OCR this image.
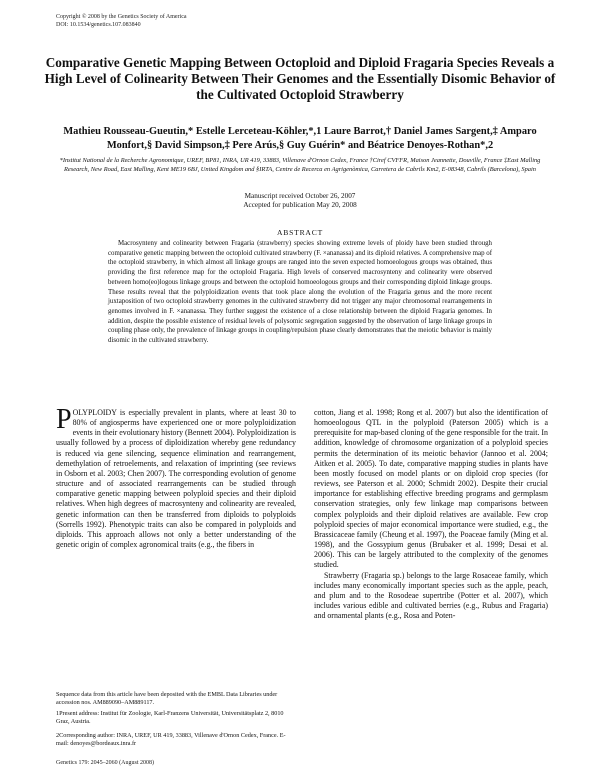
Copyright © 2008 by the Genetics Society of America
DOI: 10.1534/genetics.107.083840
Comparative Genetic Mapping Between Octoploid and Diploid Fragaria Species Reveals a High Level of Colinearity Between Their Genomes and the Essentially Disomic Behavior of the Cultivated Octoploid Strawberry
Mathieu Rousseau-Gueutin,* Estelle Lerceteau-Köhler,*,1 Laure Barrot,† Daniel James Sargent,‡ Amparo Monfort,§ David Simpson,‡ Pere Arús,§ Guy Guérin* and Béatrice Denoyes-Rothan*,2
*Institut National de la Recherche Agronomique, UREF, BP81, INRA, UR 419, 33883, Villenave d'Ornon Cedex, France †Ciref CVFFR, Maison Jeannette, Douville, France ‡East Malling Research, New Road, East Malling, Kent ME19 6BJ, United Kingdom and §IRTA, Centre de Recerca en Agrigenòmica, Carretera de Cabrils Km2, E-08348, Cabrils (Barcelona), Spain
Manuscript received October 26, 2007
Accepted for publication May 20, 2008
ABSTRACT
Macrosynteny and colinearity between Fragaria (strawberry) species showing extreme levels of ploidy have been studied through comparative genetic mapping between the octoploid cultivated strawberry (F. ×ananassa) and its diploid relatives. A comprehensive map of the octoploid strawberry, in which almost all linkage groups are ranged into the seven expected homoeologous groups was obtained, thus providing the first reference map for the octoploid Fragaria. High levels of conserved macrosynteny and colinearity were observed between homo(eo)logous linkage groups and between the octoploid homoeologous groups and their corresponding diploid linkage groups. These results reveal that the polyploidization events that took place along the evolution of the Fragaria genus and the more recent juxtaposition of two octoploid strawberry genomes in the cultivated strawberry did not trigger any major chromosomal rearrangements in genomes involved in F. ×ananassa. They further suggest the existence of a close relationship between the diploid Fragaria genomes. In addition, despite the possible existence of residual levels of polysomic segregation suggested by the observation of large linkage groups in coupling phase only, the prevalence of linkage groups in coupling/repulsion phase clearly demonstrates that the meiotic behavior is mainly disomic in the cultivated strawberry.
POLYPLOIDY is especially prevalent in plants, where at least 30 to 80% of angiosperms have experienced one or more polyploidization events in their evolutionary history (Bennett 2004). Polyploidization is usually followed by a process of diploidization whereby gene redundancy is reduced via gene silencing, sequence elimination and rearrangement, demethylation of retroelements, and relaxation of imprinting (see reviews in Osborn et al. 2003; Chen 2007). The corresponding evolution of genome structure and of associated rearrangements can be studied through comparative genetic mapping between polyploid species and their diploid relatives. When high degrees of macrosynteny and colinearity are revealed, genetic information can then be transferred from diploids to polyploids (Sorrells 1992). Phenotypic traits can also be compared in polyploids and diploids. This approach allows not only a better understanding of the genetic origin of complex agronomical traits (e.g., the fibers in
cotton, Jiang et al. 1998; Rong et al. 2007) but also the identification of homoeologous QTL in the polyploid (Paterson 2005) which is a prerequisite for map-based cloning of the gene responsible for the trait. In addition, knowledge of chromosome organization of a polyploid species permits the determination of its meiotic behavior (Jannoo et al. 2004; Aitken et al. 2005). To date, comparative mapping studies in plants have been mostly focused on model plants or on diploid crop species (for reviews, see Paterson et al. 2000; Schmidt 2002). Despite their crucial importance for establishing effective breeding programs and germplasm conservation strategies, only few linkage map comparisons between complex polyploids and their diploid relatives are available. Few crop polyploid species of major economical importance were studied, e.g., the Brassicaceae family (Cheung et al. 1997), the Poaceae family (Ming et al. 1998), and the Gossypium genus (Brubaker et al. 1999; Desai et al. 2006). This can be largely attributed to the complexity of the genomes studied.
Strawberry (Fragaria sp.) belongs to the large Rosaceae family, which includes many economically important species such as the apple, peach, and plum and to the Rosodeae supertribe (Potter et al. 2007), which includes various edible and cultivated berries (e.g., Rubus and Fragaria) and ornamental plants (e.g., Rosa and Poten-
Sequence data from this article have been deposited with the EMBL Data Libraries under accession nos. AM889090–AM889117.
1Present address: Institut für Zoologie, Karl-Franzens Universität, Universitätsplatz 2, 8010 Graz, Austria.
2Corresponding author: INRA, UREF, UR 419, 33883, Villenave d'Ornon Cedex, France. E-mail: denoyes@bordeaux.inra.fr
Genetics 179: 2045–2060 (August 2008)
